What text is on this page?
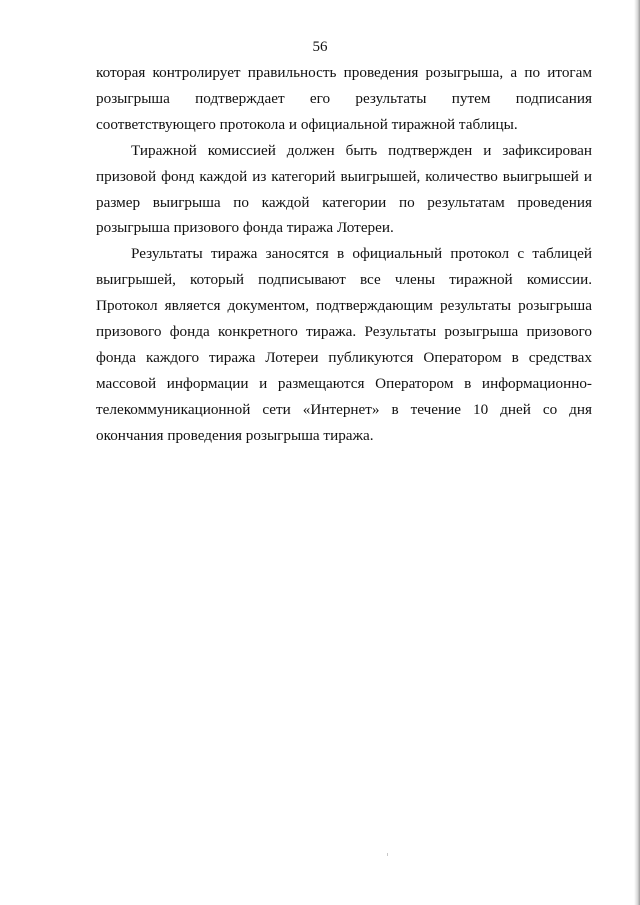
56

которая контролирует правильность проведения розыгрыша, а по итогам розыгрыша подтверждает его результаты путем подписания соответствующего протокола и официальной тиражной таблицы.

Тиражной комиссией должен быть подтвержден и зафиксирован призовой фонд каждой из категорий выигрышей, количество выигрышей и размер выигрыша по каждой категории по результатам проведения розыгрыша призового фонда тиража Лотереи.

Результаты тиража заносятся в официальный протокол с таблицей выигрышей, который подписывают все члены тиражной комиссии. Протокол является документом, подтверждающим результаты розыгрыша призового фонда конкретного тиража. Результаты розыгрыша призового фонда каждого тиража Лотереи публикуются Оператором в средствах массовой информации и размещаются Оператором в информационно-телекоммуникационной сети «Интернет» в течение 10 дней со дня окончания проведения розыгрыша тиража.
